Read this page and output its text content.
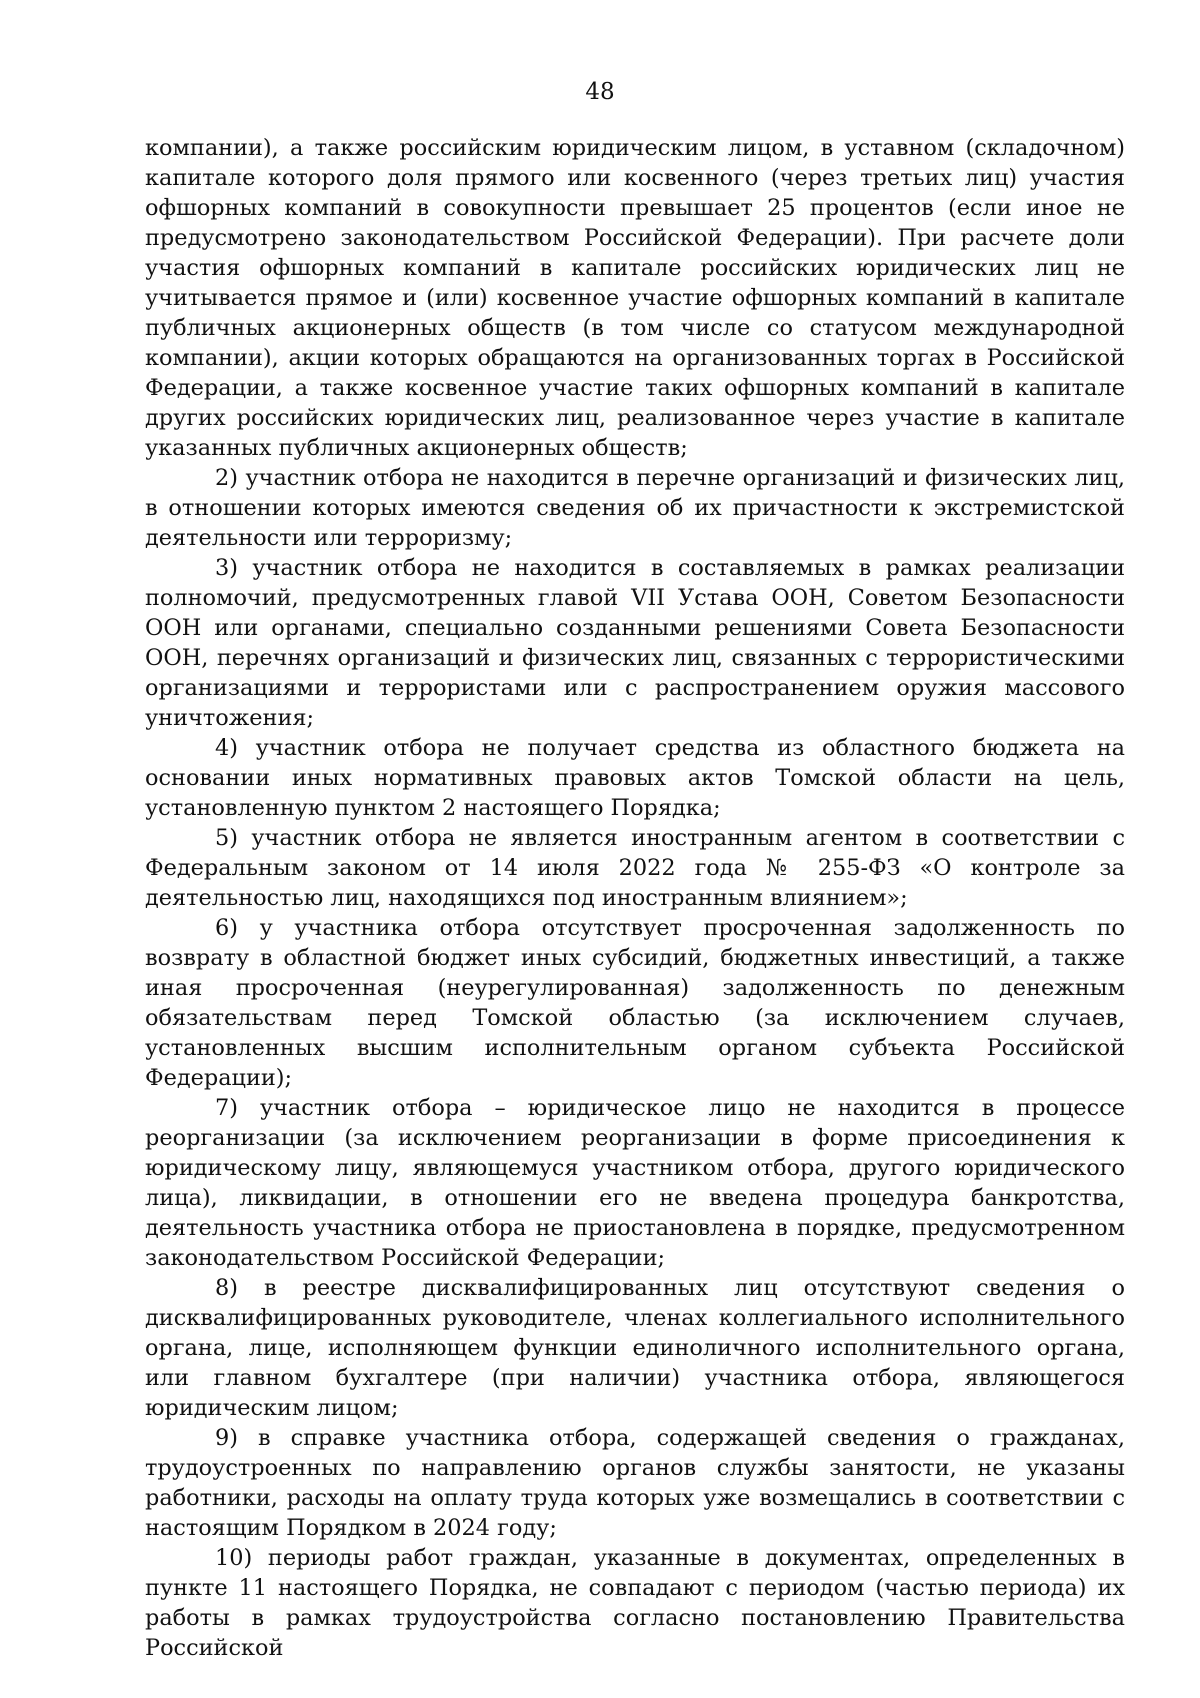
48

компании), а также российским юридическим лицом, в уставном (складочном) капитале которого доля прямого или косвенного (через третьих лиц) участия офшорных компаний в совокупности превышает 25 процентов (если иное не предусмотрено законодательством Российской Федерации). При расчете доли участия офшорных компаний в капитале российских юридических лиц не учитывается прямое и (или) косвенное участие офшорных компаний в капитале публичных акционерных обществ (в том числе со статусом международной компании), акции которых обращаются на организованных торгах в Российской Федерации, а также косвенное участие таких офшорных компаний в капитале других российских юридических лиц, реализованное через участие в капитале указанных публичных акционерных обществ;

2) участник отбора не находится в перечне организаций и физических лиц, в отношении которых имеются сведения об их причастности к экстремистской деятельности или терроризму;

3) участник отбора не находится в составляемых в рамках реализации полномочий, предусмотренных главой VII Устава ООН, Советом Безопасности ООН или органами, специально созданными решениями Совета Безопасности ООН, перечнях организаций и физических лиц, связанных с террористическими организациями и террористами или с распространением оружия массового уничтожения;

4) участник отбора не получает средства из областного бюджета на основании иных нормативных правовых актов Томской области на цель, установленную пунктом 2 настоящего Порядка;

5) участник отбора не является иностранным агентом в соответствии с Федеральным законом от 14 июля 2022 года № 255-ФЗ «О контроле за деятельностью лиц, находящихся под иностранным влиянием»;

6) у участника отбора отсутствует просроченная задолженность по возврату в областной бюджет иных субсидий, бюджетных инвестиций, а также иная просроченная (неурегулированная) задолженность по денежным обязательствам перед Томской областью (за исключением случаев, установленных высшим исполнительным органом субъекта Российской Федерации);

7) участник отбора – юридическое лицо не находится в процессе реорганизации (за исключением реорганизации в форме присоединения к юридическому лицу, являющемуся участником отбора, другого юридического лица), ликвидации, в отношении его не введена процедура банкротства, деятельность участника отбора не приостановлена в порядке, предусмотренном законодательством Российской Федерации;

8) в реестре дисквалифицированных лиц отсутствуют сведения о дисквалифицированных руководителе, членах коллегиального исполнительного органа, лице, исполняющем функции единоличного исполнительного органа, или главном бухгалтере (при наличии) участника отбора, являющегося юридическим лицом;

9) в справке участника отбора, содержащей сведения о гражданах, трудоустроенных по направлению органов службы занятости, не указаны работники, расходы на оплату труда которых уже возмещались в соответствии с настоящим Порядком в 2024 году;

10) периоды работ граждан, указанные в документах, определенных в пункте 11 настоящего Порядка, не совпадают с периодом (частью периода) их работы в рамках трудоустройства согласно постановлению Правительства Российской
